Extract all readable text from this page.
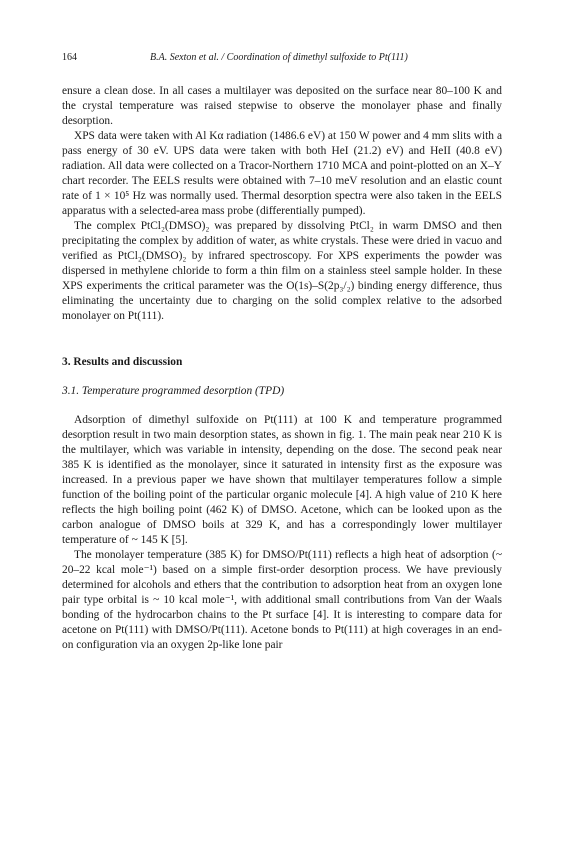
164	B.A. Sexton et al. / Coordination of dimethyl sulfoxide to Pt(111)

ensure a clean dose. In all cases a multilayer was deposited on the surface near 80–100 K and the crystal temperature was raised stepwise to observe the monolayer phase and finally desorption.

XPS data were taken with Al Kα radiation (1486.6 eV) at 150 W power and 4 mm slits with a pass energy of 30 eV. UPS data were taken with both HeI (21.2) eV) and HeII (40.8 eV) radiation. All data were collected on a Tracor-Northern 1710 MCA and point-plotted on an X–Y chart recorder. The EELS results were obtained with 7–10 meV resolution and an elastic count rate of 1 × 10⁵ Hz was normally used. Thermal desorption spectra were also taken in the EELS apparatus with a selected-area mass probe (differentially pumped).

The complex PtCl₂(DMSO)₂ was prepared by dissolving PtCl₂ in warm DMSO and then precipitating the complex by addition of water, as white crystals. These were dried in vacuo and verified as PtCl₂(DMSO)₂ by infrared spectroscopy. For XPS experiments the powder was dispersed in methylene chloride to form a thin film on a stainless steel sample holder. In these XPS experiments the critical parameter was the O(1s)–S(2p₃/₂) binding energy difference, thus eliminating the uncertainty due to charging on the solid complex relative to the adsorbed monolayer on Pt(111).

3. Results and discussion
3.1. Temperature programmed desorption (TPD)

Adsorption of dimethyl sulfoxide on Pt(111) at 100 K and temperature programmed desorption result in two main desorption states, as shown in fig. 1. The main peak near 210 K is the multilayer, which was variable in intensity, depending on the dose. The second peak near 385 K is identified as the monolayer, since it saturated in intensity first as the exposure was increased. In a previous paper we have shown that multilayer temperatures follow a simple function of the boiling point of the particular organic molecule [4]. A high value of 210 K here reflects the high boiling point (462 K) of DMSO. Acetone, which can be looked upon as the carbon analogue of DMSO boils at 329 K, and has a correspondingly lower multilayer temperature of ~ 145 K [5].

The monolayer temperature (385 K) for DMSO/Pt(111) reflects a high heat of adsorption (~ 20–22 kcal mole⁻¹) based on a simple first-order desorption process. We have previously determined for alcohols and ethers that the contribution to adsorption heat from an oxygen lone pair type orbital is ~ 10 kcal mole⁻¹, with additional small contributions from Van der Waals bonding of the hydrocarbon chains to the Pt surface [4]. It is interesting to compare data for acetone on Pt(111) with DMSO/Pt(111). Acetone bonds to Pt(111) at high coverages in an end-on configuration via an oxygen 2p-like lone pair
